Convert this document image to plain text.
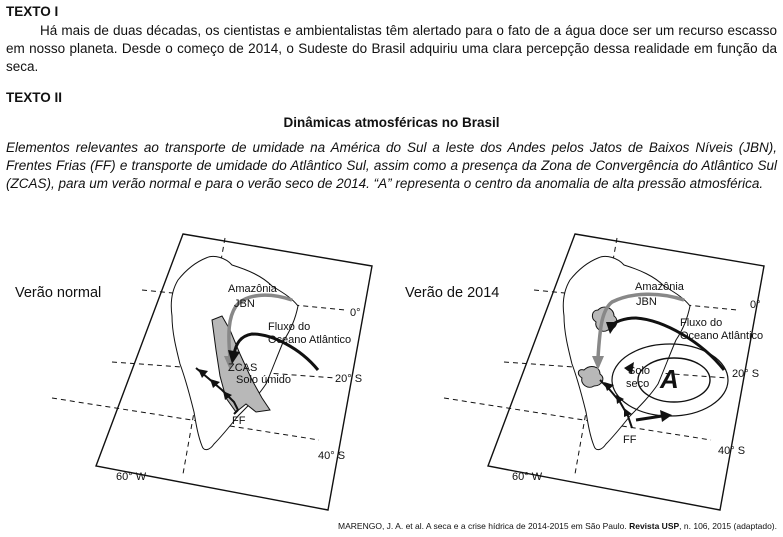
TEXTO I
Há mais de duas décadas, os cientistas e ambientalistas têm alertado para o fato de a água doce ser um recurso escasso em nosso planeta. Desde o começo de 2014, o Sudeste do Brasil adquiriu uma clara percepção dessa realidade em função da seca.
TEXTO II
Dinâmicas atmosféricas no Brasil
Elementos relevantes ao transporte de umidade na América do Sul a leste dos Andes pelos Jatos de Baixos Níveis (JBN), Frentes Frias (FF) e transporte de umidade do Atlântico Sul, assim como a presença da Zona de Convergência do Atlântico Sul (ZCAS), para um verão normal e para o verão seco de 2014. “A” representa o centro da anomalia de alta pressão atmosférica.
Verão normal	Verão de 2014
Amazônia
JBN
Fluxo do
Oceano Atlântico
ZCAS
Solo úmido
FF
0°
20° S
40° S
60° W
A
Amazônia
JBN
Fluxo do
Oceano Atlântico
Solo
seco
FF
0°
20° S
40° S
60° W
MARENGO, J. A. et al. A seca e a crise hídrica de 2014-2015 em São Paulo. Revista USP, n. 106, 2015 (adaptado).
